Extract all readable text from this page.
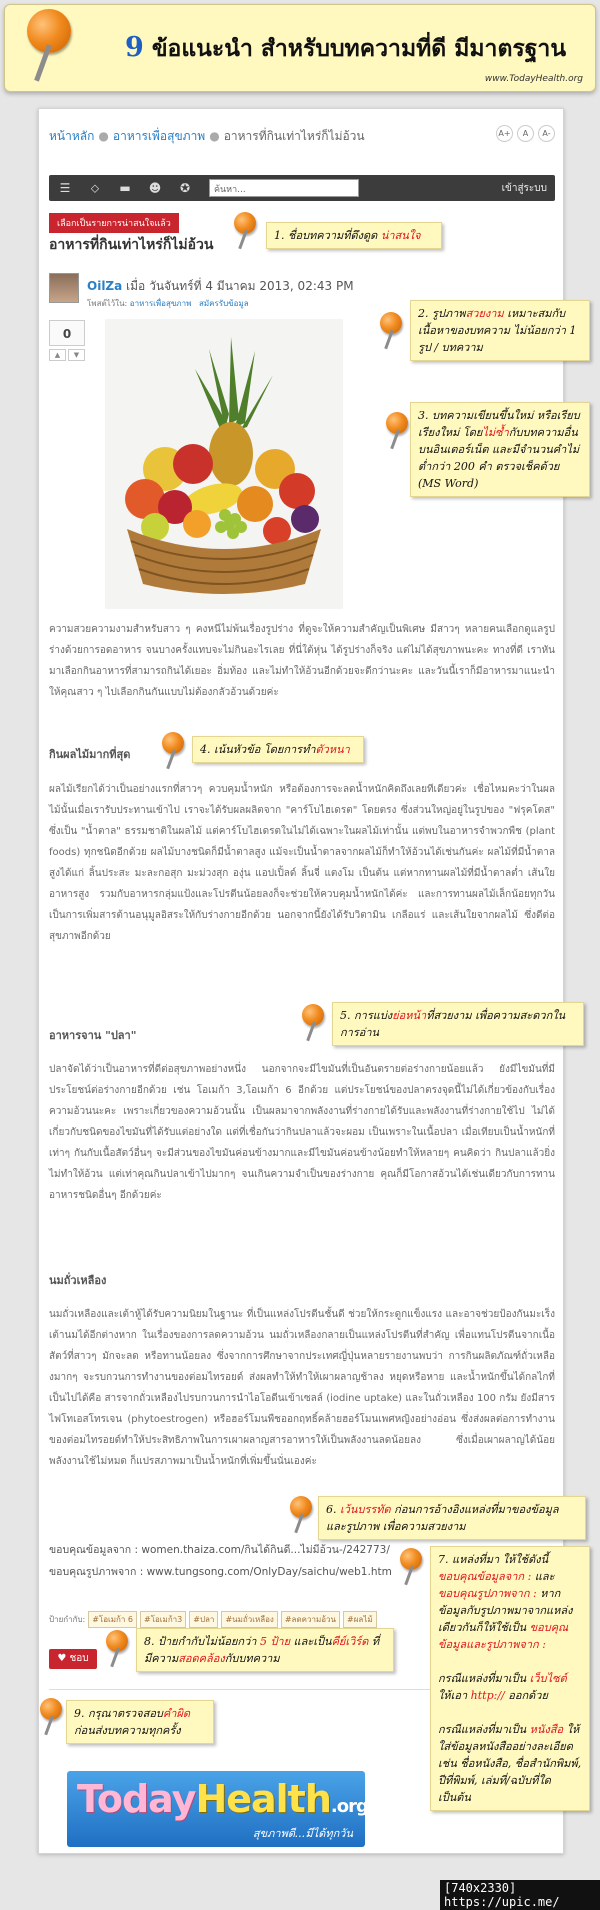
9 ข้อแนะนำ สำหรับบทความที่ดี มีมาตรฐาน
www.TodayHealth.org
หน้าหลัก ● อาหารเพื่อสุขภาพ ● อาหารที่กินเท่าไหร่ก็ไม่อ้วน	A+	A	A-
☰	⬦	▬ ☻ ✪	ค้นหา...	เข้าสู่ระบบ
เลือกเป็นรายการน่าสนใจแล้ว
อาหารที่กินเท่าไหร่ก็ไม่อ้วน
OilZa เมื่อ วันจันทร์ที่ 4 มีนาคม 2013, 02:43 PM
โพสต์ไว้ใน: อาหารเพื่อสุขภาพ สมัครรับข้อมูล
0
▲	▼
ความสวยความงามสำหรับสาว ๆ คงหนีไม่พ้นเรื่องรูปร่าง ที่ดูจะให้ความสำคัญเป็นพิเศษ มีสาวๆ หลายคนเลือกดูแลรูปร่างด้วยการอดอาหาร จนบางครั้งแทบจะไม่กินอะไรเลย ที่นี่ใต้หุ่น ได้รูปร่างก็จริง แต่ไม่ได้สุขภาพนะคะ ทางที่ดี เราหันมาเลือกกินอาหารที่สามารถกินได้เยอะ อิ่มท้อง และไม่ทำให้อ้วนอีกด้วยจะดีกว่านะคะ และวันนี้เราก็มีอาหารมาแนะนำให้คุณสาว ๆ ไปเลือกกินกันแบบไม่ต้องกลัวอ้วนด้วยค่ะ
กินผลไม้มากที่สุด
ผลไม้เรียกได้ว่าเป็นอย่างแรกที่สาวๆ ควบคุมน้ำหนัก หรือต้องการจะลดน้ำหนักคิดถึงเลยทีเดียวค่ะ เชื่อไหมคะว่าในผลไม้นั้นเมื่อเรารับประทานเข้าไป เราจะได้รับผลผลิตจาก "คาร์โบไฮเดรต" โดยตรง ซึ่งส่วนใหญ่อยู่ในรูปของ "ฟรุคโตส" ซึ่งเป็น "น้ำตาล" ธรรมชาติในผลไม้ แต่คาร์โบไฮเดรตในไม่ได้เฉพาะในผลไม้เท่านั้น แต่พบในอาหารจำพวกพืช (plant foods) ทุกชนิดอีกด้วย ผลไม้บางชนิดก็มีน้ำตาลสูง แม้จะเป็นน้ำตาลจากผลไม้ก็ทำให้อ้วนได้เช่นกันค่ะ ผลไม้ที่มีน้ำตาลสูงได้แก่ ลิ้นประสะ มะละกอสุก มะม่วงสุก องุ่น แอปเปิ้ลด์ ลิ้นจี่ แตงโม เป็นต้น แต่หากทานผลไม้ที่มีน้ำตาลต่ำ เส้นใยอาหารสูง รวมกับอาหารกลุ่มแป้งและโปรตีนน้อยลงก็จะช่วยให้ควบคุมน้ำหนักได้ค่ะ และการทานผลไม้เล็กน้อยทุกวันเป็นการเพิ่มสารต้านอนุมูลอิสระให้กับร่างกายอีกด้วย นอกจากนี้ยังได้รับวิตามิน เกลือแร่ และเส้นใยจากผลไม้ ซึ่งดีต่อสุขภาพอีกด้วย
อาหารจาน "ปลา"
ปลาจัดได้ว่าเป็นอาหารที่ดีต่อสุขภาพอย่างหนึ่ง นอกจากจะมีไขมันที่เป็นอันตรายต่อร่างกายน้อยแล้ว ยังมีไขมันที่มีประโยชน์ต่อร่างกายอีกด้วย เช่น โอเมก้า 3,โอเมก้า 6 อีกด้วย แต่ประโยชน์ของปลาตรงจุดนี้ไม่ได้เกี่ยวข้องกับเรื่องความอ้วนนะคะ เพราะเกี่ยวของความอ้วนนั้น เป็นผลมาจากพลังงานที่ร่างกายได้รับและพลังงานที่ร่างกายใช้ไป ไม่ได้เกี่ยวกับชนิดของไขมันที่ได้รับแต่อย่างใด แต่ที่เชื่อกันว่ากินปลาแล้วจะผอม เป็นเพราะในเนื้อปลา เมื่อเทียบเป็นน้ำหนักที่เท่าๆ กันกับเนื้อสัตว์อื่นๆ จะมีส่วนของไขมันค่อนข้างมากและมีไขมันค่อนข้างน้อยทำให้หลายๆ คนคิดว่า กินปลาแล้วยิ่งไม่ทำให้อ้วน แต่เท่าคุณกินปลาเข้าไปมากๆ จนเกินความจำเป็นของร่างกาย คุณก็มีโอกาสอ้วนได้เช่นเดียวกับการทานอาหารชนิดอื่นๆ อีกด้วยค่ะ
นมถั่วเหลือง
นมถั่วเหลืองและเต้าหู้ได้รับความนิยมในฐานะ ที่เป็นแหล่งโปรตีนชั้นดี ช่วยให้กระดูกแข็งแรง และอาจช่วยป้องกันมะเร็งเต้านมได้อีกต่างหาก ในเรื่องของการลดความอ้วน นมถั่วเหลืองกลายเป็นแหล่งโปรตีนที่สำคัญ เพื่อแทนโปรตีนจากเนื้อสัตว์ที่สาวๆ มักจะลด หรือทานน้อยลง ซึ่งจากการศึกษาจากประเทศญี่ปุ่นหลายรายงานพบว่า การกินผลิตภัณฑ์ถั่วเหลืองมากๆ จะรบกวนการทำงานของต่อมไทรอยด์ ส่งผลทำให้ทำให้เผาผลาญช้าลง หยุดหรือหาย และน้ำหนักขึ้นได้กลไกที่เป็นไปได้คือ สารจากถั่วเหลืองไปรบกวนการนำไอโอดีนเข้าเซลล์ (iodine uptake) และในถั่วเหลือง 100 กรัม ยังมีสารไฟโทเอสโทรเจน (phytoestrogen) หรือฮอร์โมนพืชออกฤทธิ์คล้ายฮอร์โมนเพศหญิงอย่างอ่อน ซึ่งส่งผลต่อการทำงานของต่อมไทรอยด์ทำให้ประสิทธิภาพในการเผาผลาญสารอาหารให้เป็นพลังงานลดน้อยลง ซึ่งเมื่อเผาผลาญได้น้อย พลังงานใช้ไม่หมด ก็แปรสภาพมาเป็นน้ำหนักที่เพิ่มขึ้นนั่นเองค่ะ
ขอบคุณข้อมูลจาก : women.thaiza.com/กินได้กินดี...ไม่มีอ้วน-/242773/
ขอบคุณรูปภาพจาก : www.tungsong.com/OnlyDay/saichu/web1.htm
ป้ายกำกับ: #โอเมก้า 6	#โอเมก้า3	#ปลา	#นมถั่วเหลือง	#ลดความอ้วน	#ผลไม้
♥ ชอบ
TodayHealth.org
สุขภาพดี...มีได้ทุกวัน
1. ชื่อบทความที่ดึงดูด น่าสนใจ
2. รูปภาพสวยงาม เหมาะสมกับเนื้อหาของบทความ ไม่น้อยกว่า 1 รูป / บทความ
3. บทความเขียนขึ้นใหม่ หรือเรียบเรียงใหม่ โดยไม่ซ้ำกับบทความอื่นบนอินเตอร์เน็ต และมีจำนวนคำไม่ต่ำกว่า 200 คำ ตรวจเช็คด้วย (MS Word)
4. เน้นหัวข้อ โดยการทำตัวหนา
5. การแบ่งย่อหน้าที่สวยงาม เพื่อความสะดวกในการอ่าน
6. เว้นบรรทัด ก่อนการอ้างอิงแหล่งที่มาของข้อมูลและรูปภาพ เพื่อความสวยงาม
7. แหล่งที่มา ให้ใช้ดังนี้ ขอบคุณข้อมูลจาก : และ ขอบคุณรูปภาพจาก : หากข้อมูลกับรูปภาพมาจากแหล่งเดียวกันก็ให้ใช้เป็น ขอบคุณข้อมูลและรูปภาพจาก :

กรณีแหล่งที่มาเป็น เว็บไซต์ ให้เอา http:// ออกด้วย

กรณีแหล่งที่มาเป็น หนังสือ ให้ใส่ข้อมูลหนังสืออย่างละเอียด เช่น ชื่อหนังสือ, ชื่อสำนักพิมพ์, ปีที่พิมพ์, เล่มที่/ฉบับที่ใด เป็นต้น
8. ป้ายกำกับไม่น้อยกว่า 5 ป้าย และเป็นคีย์เวิร์ด ที่มีความสอดคล้องกับบทความ
9. กรุณาตรวจสอบคำผิด ก่อนส่งบทความทุกครั้ง
[740x2330] https://upic.me/
